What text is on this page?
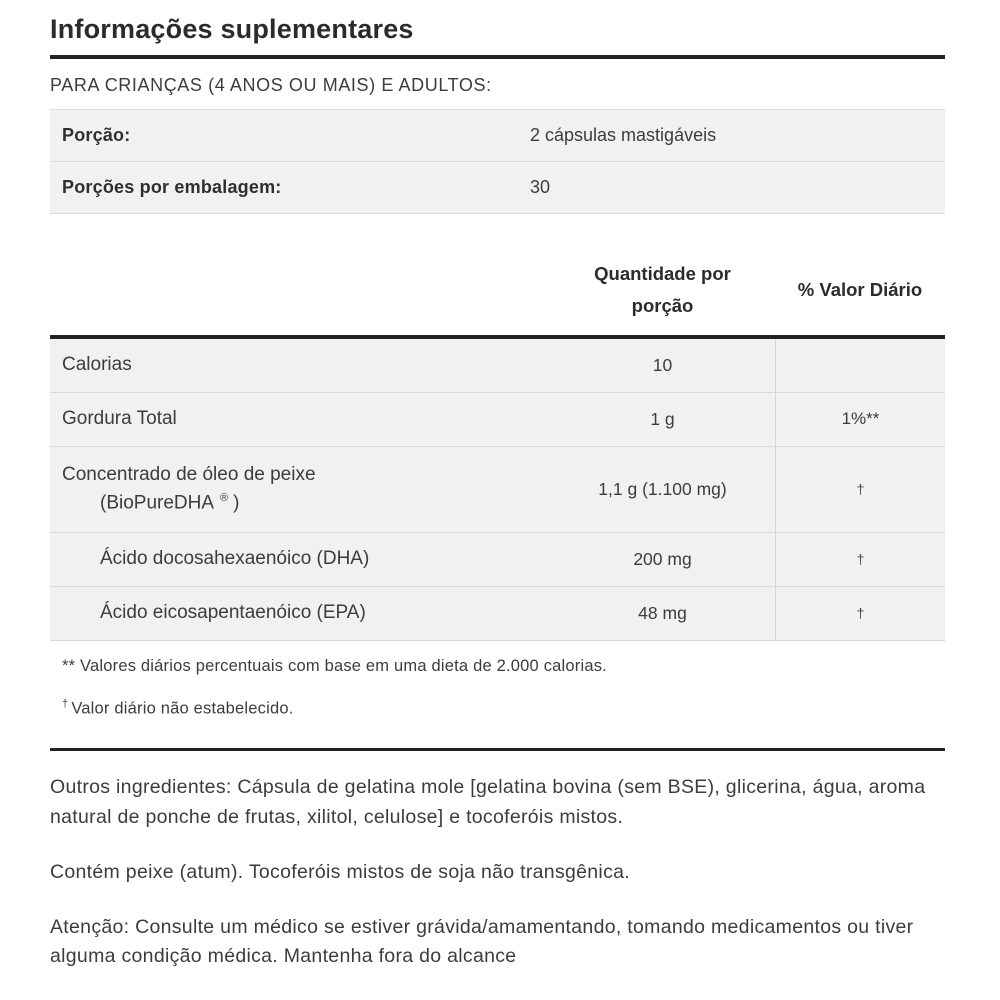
Informações suplementares
PARA CRIANÇAS (4 ANOS OU MAIS) E ADULTOS:
Porção:	2 cápsulas mastigáveis
Porções por embalagem:	30
Quantidade por porção
% Valor Diário
Calorias	10
Gordura Total	1 g	1%**
Concentrado de óleo de peixe
(BioPureDHA ® )
1,1 g (1.100 mg)	†
Ácido docosahexaenóico (DHA)	200 mg	†
Ácido eicosapentaenóico (EPA)	48 mg	†

** Valores diários percentuais com base em uma dieta de 2.000 calorias.

† Valor diário não estabelecido.

Outros ingredientes: Cápsula de gelatina mole [gelatina bovina (sem BSE), glicerina, água, aroma natural de ponche de frutas, xilitol, celulose] e tocoferóis mistos.

Contém peixe (atum). Tocoferóis mistos de soja não transgênica.

Atenção: Consulte um médico se estiver grávida/amamentando, tomando medicamentos ou tiver alguma condição médica. Mantenha fora do alcance
